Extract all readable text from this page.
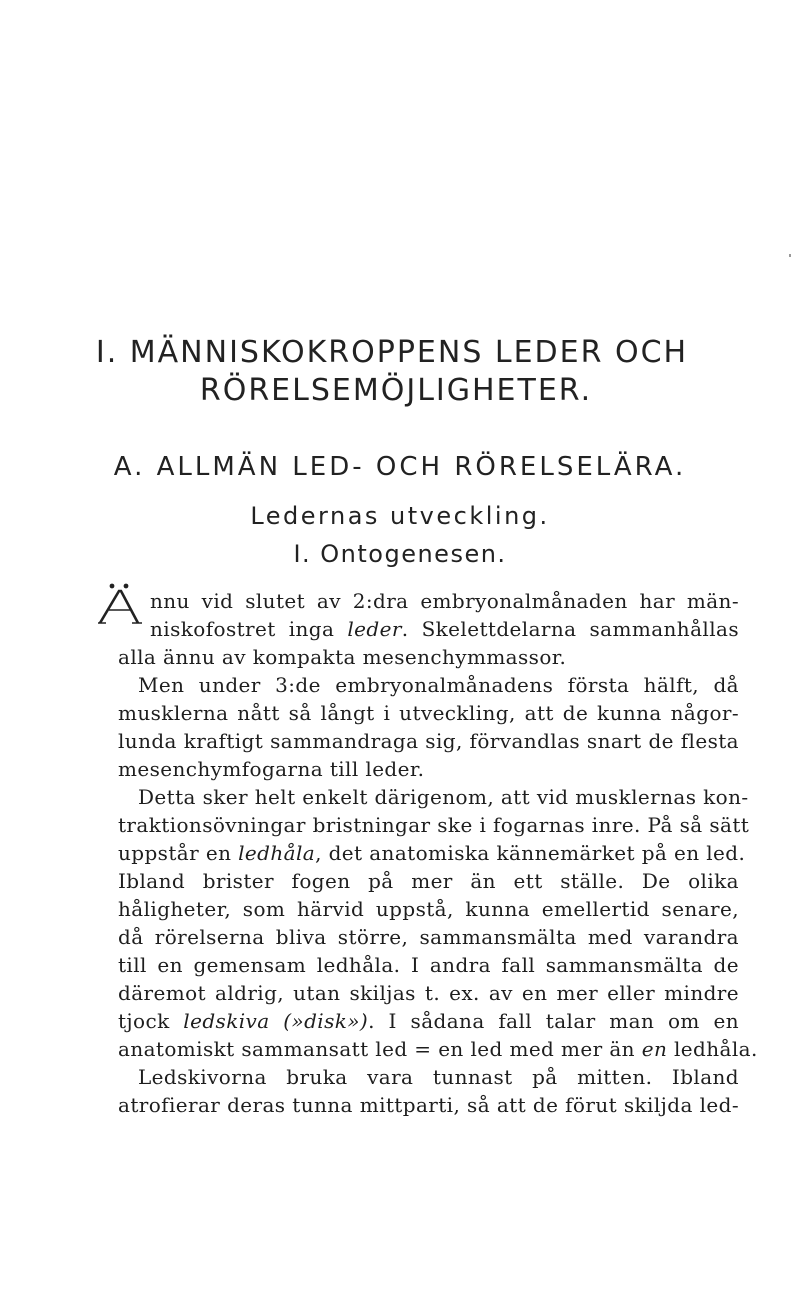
I. MÄNNISKOKROPPENS LEDER OCH
RÖRELSEMÖJLIGHETER.
A. ALLMÄN LED- OCH RÖRELSELÄRA.
Ledernas utveckling.
I. Ontogenesen.
nnu vid slutet av 2:dra embryonalmånaden har män-
niskofostret inga leder. Skelettdelarna sammanhållas
alla ännu av kompakta mesenchymmassor.
Men under 3:de embryonalmånadens första hälft, då
musklerna nått så långt i utveckling, att de kunna någor-
lunda kraftigt sammandraga sig, förvandlas snart de flesta
mesenchymfogarna till leder.
Detta sker helt enkelt därigenom, att vid musklernas kon-
traktionsövningar bristningar ske i fogarnas inre. På så sätt
uppstår en ledhåla, det anatomiska kännemärket på en led.
Ibland brister fogen på mer än ett ställe. De olika
håligheter, som härvid uppstå, kunna emellertid senare,
då rörelserna bliva större, sammansmälta med varandra
till en gemensam ledhåla. I andra fall sammansmälta de
däremot aldrig, utan skiljas t. ex. av en mer eller mindre
tjock ledskiva (»disk»). I sådana fall talar man om en
anatomiskt sammansatt led = en led med mer än en ledhåla.
Ledskivorna bruka vara tunnast på mitten. Ibland
atrofierar deras tunna mittparti, så att de förut skiljda led-
